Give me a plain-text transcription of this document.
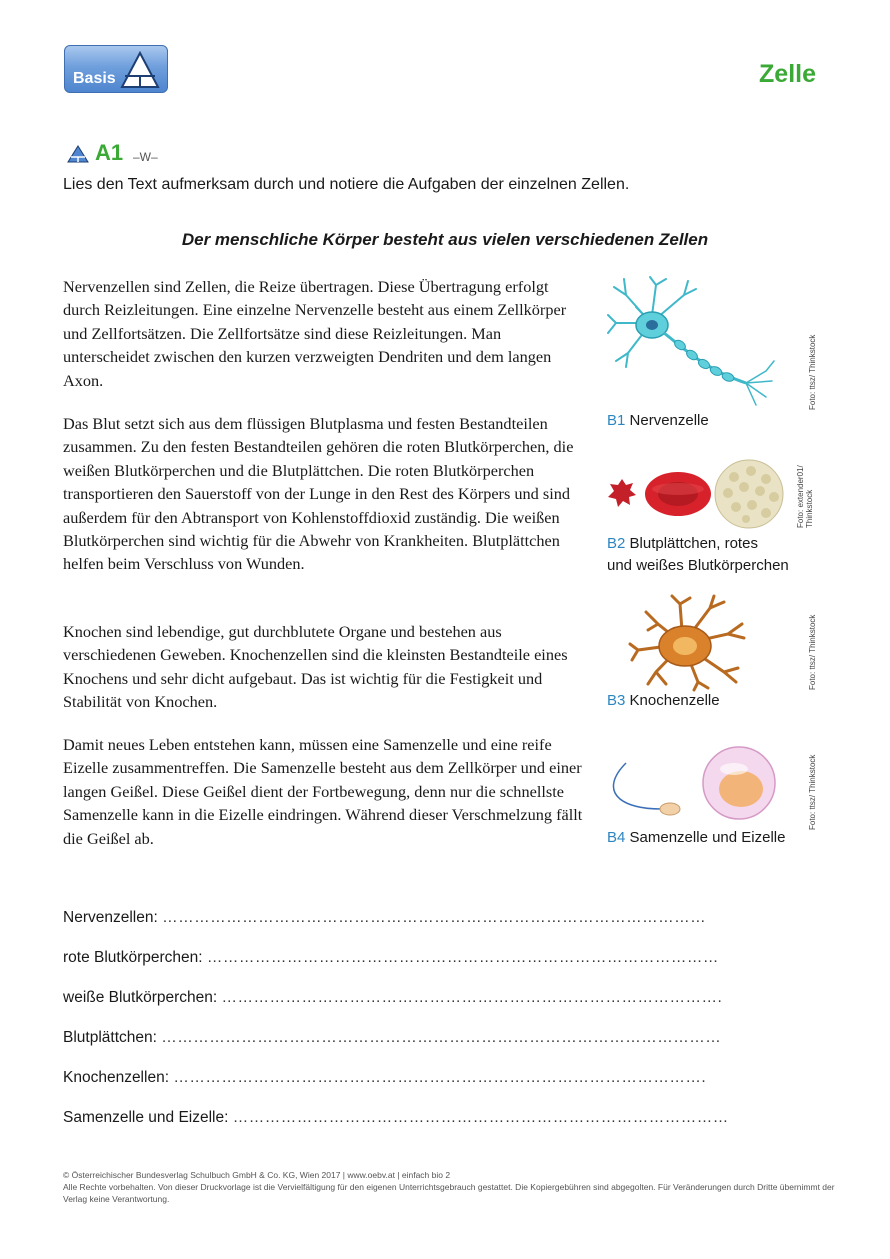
Basis	Zelle
A1 –W–
Lies den Text aufmerksam durch und notiere die Aufgaben der einzelnen Zellen.
Der menschliche Körper besteht aus vielen verschiedenen Zellen

Nervenzellen sind Zellen, die Reize übertragen. Diese Übertragung erfolgt durch Reizleitungen. Eine einzelne Nervenzelle besteht aus einem Zellkörper und Zellfortsätzen. Die Zellfortsätze sind diese Reizleitungen. Man unterscheidet zwischen den kurzen verzweigten Dendriten und dem langen Axon.

Das Blut setzt sich aus dem flüssigen Blutplasma und festen Bestandteilen zusammen. Zu den festen Bestandteilen gehören die roten Blutkörperchen, die weißen Blutkörperchen und die Blutplättchen. Die roten Blutkörperchen transportieren den Sauerstoff von der Lunge in den Rest des Körpers und sind außerdem für den Abtransport von Kohlenstoffdioxid zuständig. Die weißen Blutkörperchen sind wichtig für die Abwehr von Krankheiten. Blutplättchen helfen beim Verschluss von Wunden.

Knochen sind lebendige, gut durchblutete Organe und bestehen aus verschiedenen Geweben. Knochenzellen sind die kleinsten Bestandteile eines Knochens und sehr dicht aufgebaut. Das ist wichtig für die Festigkeit und Stabilität von Knochen.

Damit neues Leben entstehen kann, müssen eine Samenzelle und eine reife Eizelle zusammentreffen. Die Samenzelle besteht aus dem Zellkörper und einer langen Geißel. Diese Geißel dient der Fortbewegung, denn nur die schnellste Samenzelle kann in die Eizelle eindringen. Während dieser Verschmelzung fällt die Geißel ab.

B1 Nervenzelle
Foto: ttsz/ Thinkstock
B2 Blutplättchen, rotes
und weißes Blutkörperchen
Foto: extender01/
Thinkstock
B3 Knochenzelle
Foto: ttsz/ Thinkstock
B4 Samenzelle und Eizelle
Foto: ttsz/ Thinkstock
Nervenzellen: …………………………………………………………………………………………
rote Blutkörperchen: ……………………………………………………………………………………
weiße Blutkörperchen: ………………………………………………………………………………….
Blutplättchen: ……………………………………………………………………………………………
Knochenzellen: ……………………………………………………………………………………….
Samenzelle und Eizelle: …………………………………………………………………………………
© Österreichischer Bundesverlag Schulbuch GmbH & Co. KG, Wien 2017 | www.oebv.at | einfach bio 2
Alle Rechte vorbehalten. Von dieser Druckvorlage ist die Vervielfältigung für den eigenen Unterrichtsgebrauch gestattet. Die Kopiergebühren sind abgegolten. Für Veränderungen durch Dritte übernimmt der Verlag keine Verantwortung.
